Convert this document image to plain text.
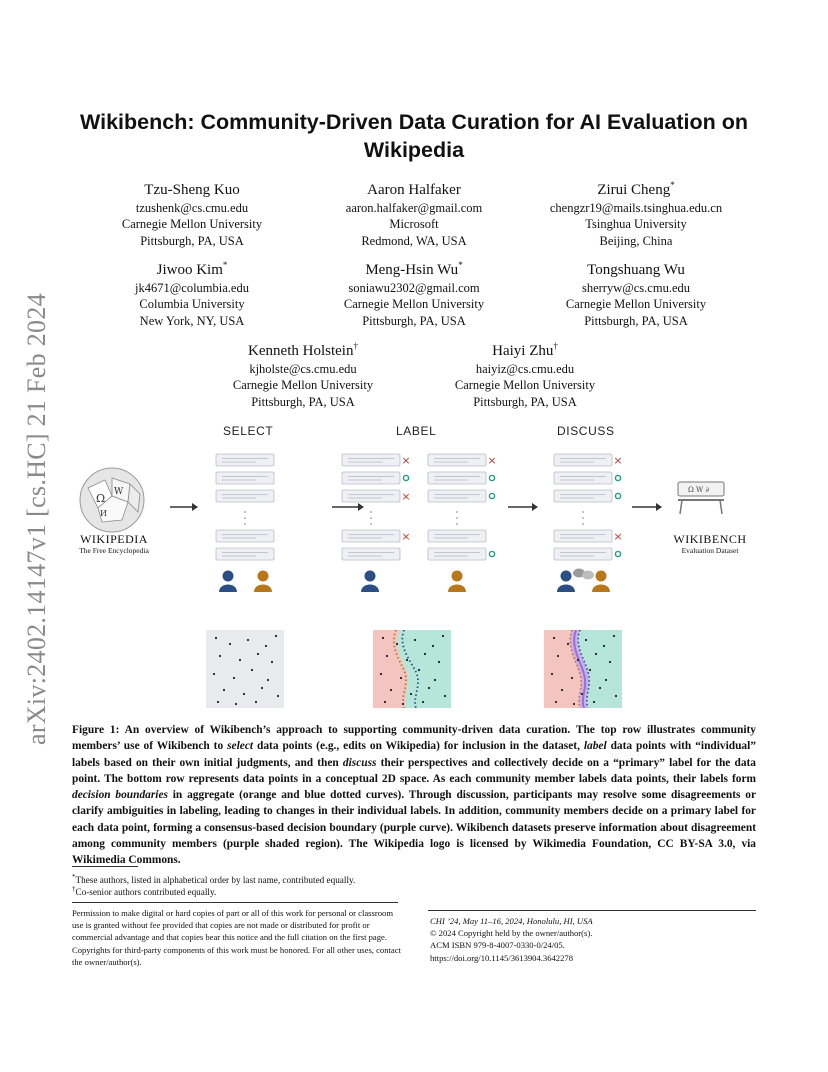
arXiv:2402.14147v1 [cs.HC] 21 Feb 2024
Wikibench: Community-Driven Data Curation for AI Evaluation on Wikipedia
Tzu-Sheng Kuo
tzushenk@cs.cmu.edu
Carnegie Mellon University
Pittsburgh, PA, USA
Aaron Halfaker
aaron.halfaker@gmail.com
Microsoft
Redmond, WA, USA
Zirui Cheng*
chengzr19@mails.tsinghua.edu.cn
Tsinghua University
Beijing, China
Jiwoo Kim*
jk4671@columbia.edu
Columbia University
New York, NY, USA
Meng-Hsin Wu*
soniawu2302@gmail.com
Carnegie Mellon University
Pittsburgh, PA, USA
Tongshuang Wu
sherryw@cs.cmu.edu
Carnegie Mellon University
Pittsburgh, PA, USA
Kenneth Holstein†
kjholste@cs.cmu.edu
Carnegie Mellon University
Pittsburgh, PA, USA
Haiyi Zhu†
haiyiz@cs.cmu.edu
Carnegie Mellon University
Pittsburgh, PA, USA
SELECT	LABEL	DISCUSS
Ω W
И
×
×
×
×	×
×
Ω W ∂
WIKIPEDIA
The Free Encyclopedia
WIKIBENCH
Evaluation Dataset
Figure 1: An overview of Wikibench’s approach to supporting community-driven data curation. The top row illustrates community members’ use of Wikibench to select data points (e.g., edits on Wikipedia) for inclusion in the dataset, label data points with “individual” labels based on their own initial judgments, and then discuss their perspectives and collectively decide on a “primary” label for the data point. The bottom row represents data points in a conceptual 2D space. As each community member labels data points, their labels form decision boundaries in aggregate (orange and blue dotted curves). Through discussion, participants may resolve some disagreements or clarify ambiguities in labeling, leading to changes in their individual labels. In addition, community members decide on a primary label for each data point, forming a consensus-based decision boundary (purple curve). Wikibench datasets preserve information about disagreement among community members (purple shaded region). The Wikipedia logo is licensed by Wikimedia Foundation, CC BY-SA 3.0, via Wikimedia Commons.
*These authors, listed in alphabetical order by last name, contributed equally.
†Co-senior authors contributed equally.
Permission to make digital or hard copies of part or all of this work for personal or classroom use is granted without fee provided that copies are not made or distributed for profit or commercial advantage and that copies bear this notice and the full citation on the first page. Copyrights for third-party components of this work must be honored. For all other uses, contact the owner/author(s).
CHI ’24, May 11–16, 2024, Honolulu, HI, USA
© 2024 Copyright held by the owner/author(s).
ACM ISBN 979-8-4007-0330-0/24/05.
https://doi.org/10.1145/3613904.3642278
